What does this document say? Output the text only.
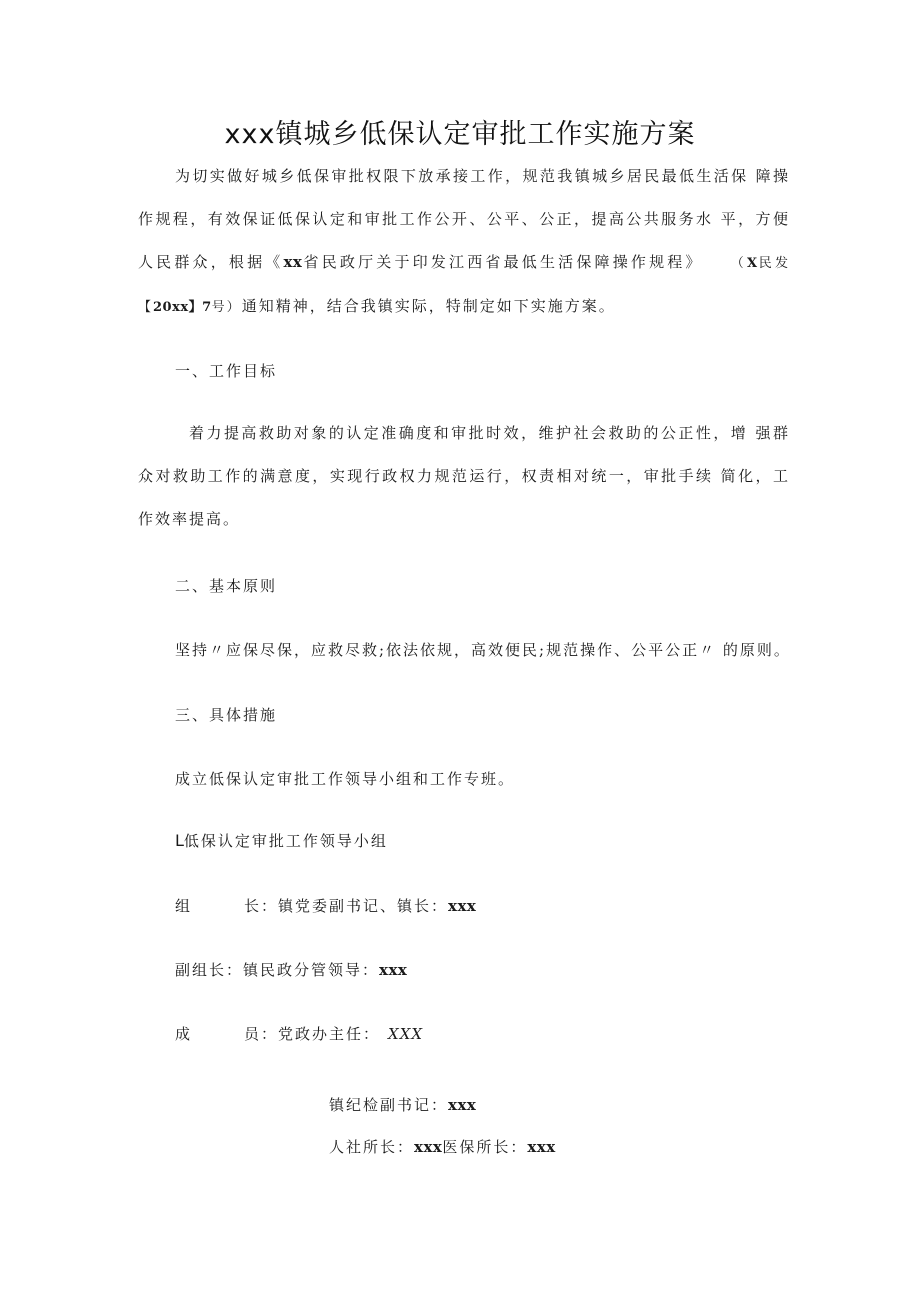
xxx镇城乡低保认定审批工作实施方案
为切实做好城乡低保审批权限下放承接工作，规范我镇城乡居民最低生活保 障操作规程，有效保证低保认定和审批工作公开、公平、公正，提高公共服务水 平，方便人民群众，根据《xx省民政厅关于印发江西省最低生活保障操作规程》 （X民发【20xx】7号）通知精神，结合我镇实际，特制定如下实施方案。
一、工作目标
着力提高救助对象的认定准确度和审批时效，维护社会救助的公正性，增 强群众对救助工作的满意度，实现行政权力规范运行，权责相对统一，审批手续 简化，工作效率提高。
二、基本原则
坚持〃应保尽保，应救尽救;依法依规，高效便民;规范操作、公平公正〃 的原则。
三、具体措施
成立低保认定审批工作领导小组和工作专班。
L低保认定审批工作领导小组
组	长：镇党委副书记、镇长：xxx
副组长：镇民政分管领导：xxx
成	员：党政办主任： XXX
镇纪检副书记：xxx
人社所长：xxx医保所长：xxx
